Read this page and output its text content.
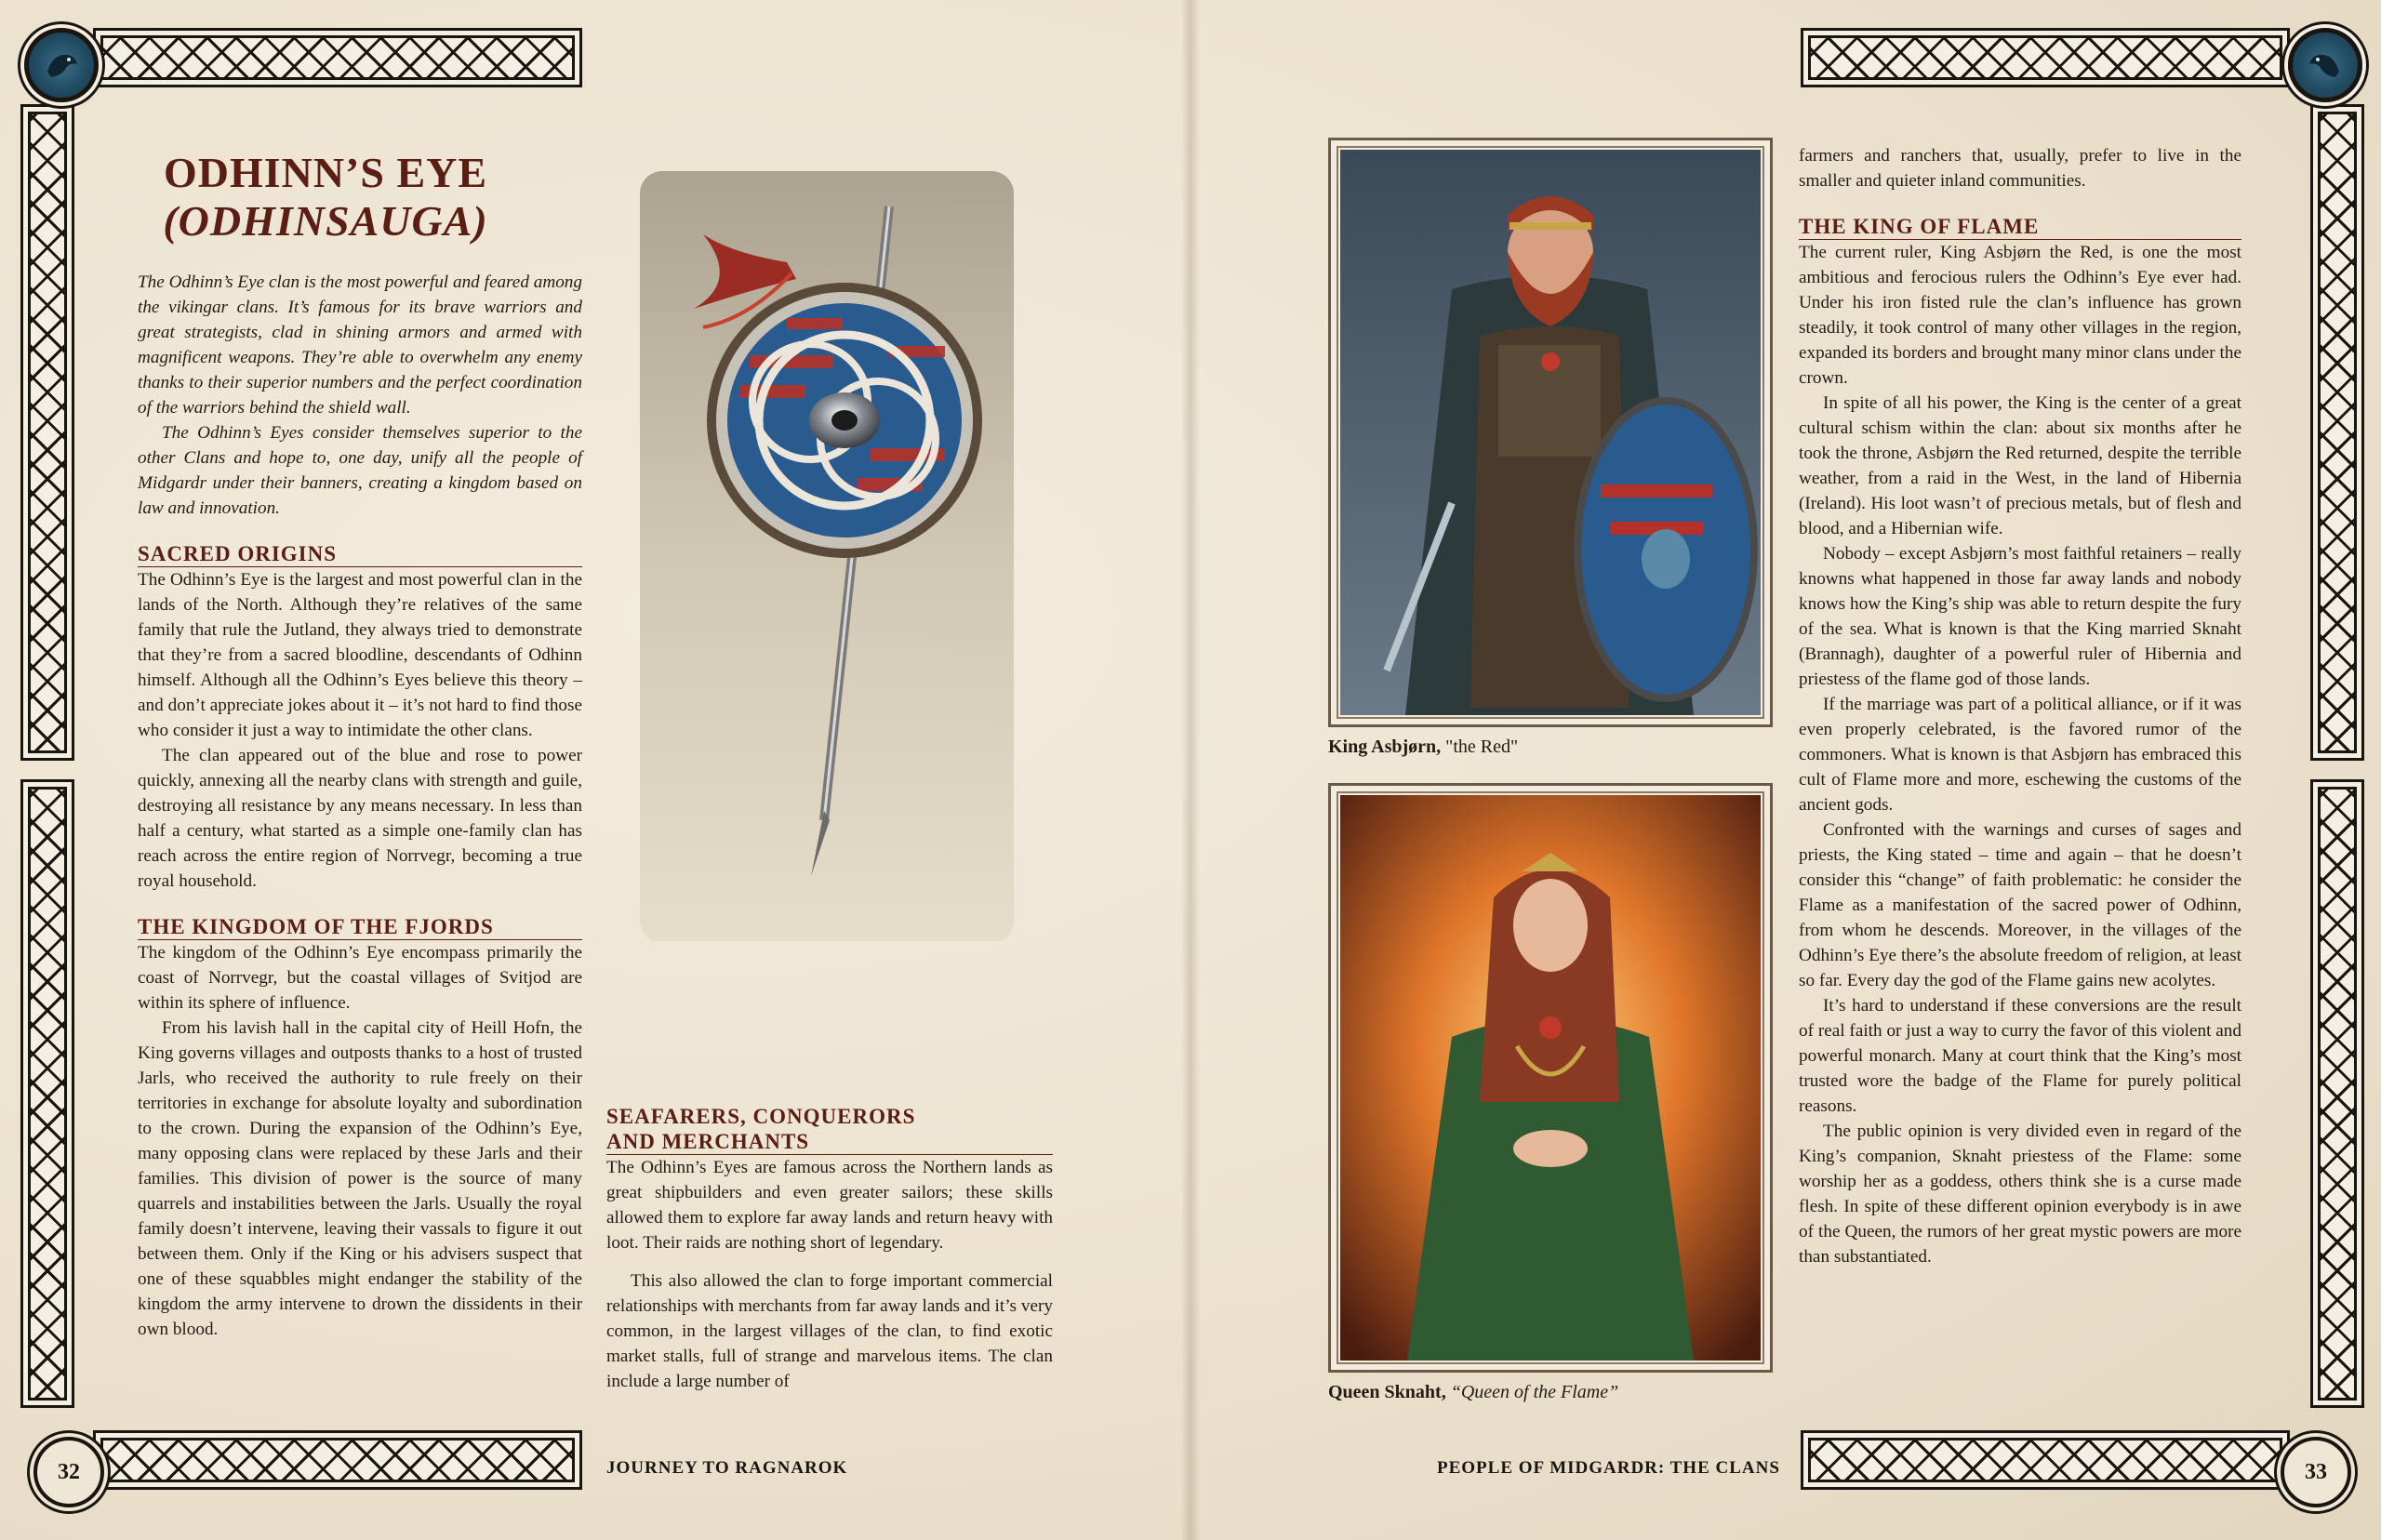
32	JOURNEY TO RAGNAROK	33
PEOPLE OF MIDGARDR: THE CLANS
ODHINN’S EYE
(ODHINSAUGA)

The Odhinn’s Eye clan is the most powerful and feared among the vikingar clans. It’s famous for its brave warriors and great strategists, clad in shining armors and armed with magnificent weapons. They’re able to overwhelm any enemy thanks to their superior numbers and the perfect coordination of the warriors behind the shield wall.

The Odhinn’s Eyes consider themselves superior to the other Clans and hope to, one day, unify all the people of Midgardr under their banners, creating a kingdom based on law and innovation.

SACRED ORIGINS

The Odhinn’s Eye is the largest and most powerful clan in the lands of the North. Although they’re relatives of the same family that rule the Jutland, they always tried to demonstrate that they’re from a sacred bloodline, descendants of Odhinn himself. Although all the Odhinn’s Eyes believe this theory – and don’t appreciate jokes about it – it’s not hard to find those who consider it just a way to intimidate the other clans.

The clan appeared out of the blue and rose to power quickly, annexing all the nearby clans with strength and guile, destroying all resistance by any means necessary. In less than half a century, what started as a simple one-family clan has reach across the entire region of Norrvegr, becoming a true royal household.

THE KINGDOM OF THE FJORDS

The kingdom of the Odhinn’s Eye encompass primarily the coast of Norrvegr, but the coastal villages of Svitjod are within its sphere of influence.

From his lavish hall in the capital city of Heill Hofn, the King governs villages and outposts thanks to a host of trusted Jarls, who received the authority to rule freely on their territories in exchange for absolute loyalty and subordination to the crown. During the expansion of the Odhinn’s Eye, many opposing clans were replaced by these Jarls and their families. This division of power is the source of many quarrels and instabilities between the Jarls. Usually the royal family doesn’t intervene, leaving their vassals to figure it out between them. Only if the King or his advisers suspect that one of these squabbles might endanger the stability of the kingdom the army intervene to drown the dissidents in their own blood.

SEAFARERS, CONQUERORS
AND MERCHANTS

The Odhinn’s Eyes are famous across the Northern lands as great shipbuilders and even greater sailors; these skills allowed them to explore far away lands and return heavy with loot. Their raids are nothing short of legendary.

This also allowed the clan to forge important commercial relationships with merchants from far away lands and it’s very common, in the largest villages of the clan, to find exotic market stalls, full of strange and marvelous items. The clan include a large number of

King Asbjørn, "the Red"
Queen Sknaht, “Queen of the Flame”

farmers and ranchers that, usually, prefer to live in the smaller and quieter inland communities.

THE KING OF FLAME

The current ruler, King Asbjørn the Red, is one the most ambitious and ferocious rulers the Odhinn’s Eye ever had. Under his iron fisted rule the clan’s influence has grown steadily, it took control of many other villages in the region, expanded its borders and brought many minor clans under the crown.

In spite of all his power, the King is the center of a great cultural schism within the clan: about six months after he took the throne, Asbjørn the Red returned, despite the terrible weather, from a raid in the West, in the land of Hibernia (Ireland). His loot wasn’t of precious metals, but of flesh and blood, and a Hibernian wife.

Nobody – except Asbjørn’s most faithful retainers – really knowns what happened in those far away lands and nobody knows how the King’s ship was able to return despite the fury of the sea. What is known is that the King married Sknaht (Brannagh), daughter of a powerful ruler of Hibernia and priestess of the flame god of those lands.

If the marriage was part of a political alliance, or if it was even properly celebrated, is the favored rumor of the commoners. What is known is that Asbjørn has embraced this cult of Flame more and more, eschewing the customs of the ancient gods.

Confronted with the warnings and curses of sages and priests, the King stated – time and again – that he doesn’t consider this “change” of faith problematic: he consider the Flame as a manifestation of the sacred power of Odhinn, from whom he descends. Moreover, in the villages of the Odhinn’s Eye there’s the absolute freedom of religion, at least so far. Every day the god of the Flame gains new acolytes.

It’s hard to understand if these conversions are the result of real faith or just a way to curry the favor of this violent and powerful monarch. Many at court think that the King’s most trusted wore the badge of the Flame for purely political reasons.

The public opinion is very divided even in regard of the King’s companion, Sknaht priestess of the Flame: some worship her as a goddess, others think she is a curse made flesh. In spite of these different opinion everybody is in awe of the Queen, the rumors of her great mystic powers are more than substantiated.
